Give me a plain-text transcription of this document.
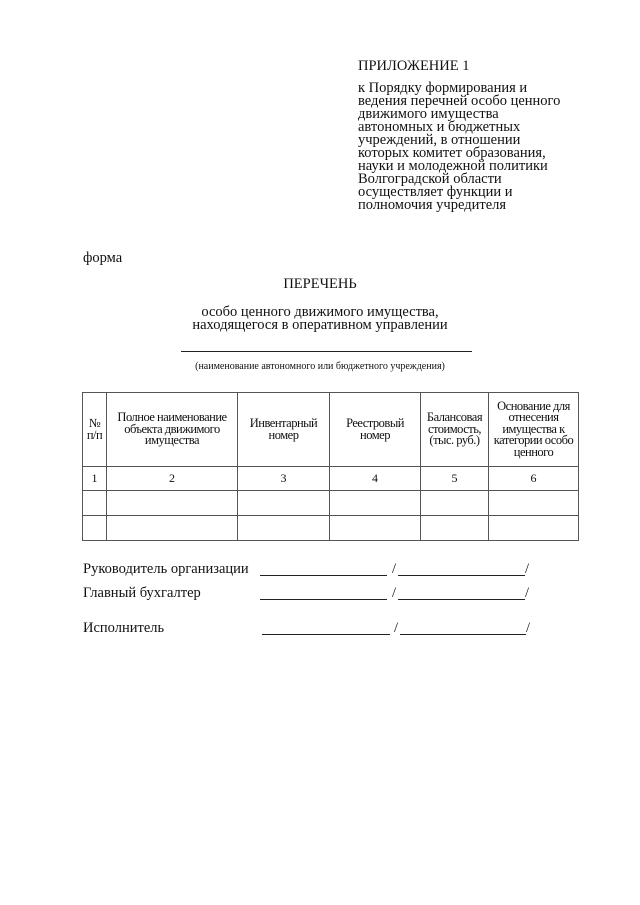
ПРИЛОЖЕНИЕ 1
к Порядку формирования и
ведения перечней особо ценного
движимого имущества
автономных и бюджетных
учреждений, в отношении
которых комитет образования,
науки и молодежной политики
Волгоградской области
осуществляет функции и
полномочия учредителя
форма
ПЕРЕЧЕНЬ
особо ценного движимого имущества,
находящегося в оперативном управлении
(наименование автономного или бюджетного учреждения)
№ п/п	Полное наименование объекта движимого имущества	Инвентарный номер	Реестровый номер	Балансовая стоимость, (тыс. руб.)	Основание для отнесения имущества к категории особо ценного
1	2	3	4	5	6

Руководитель организации	/	/
Главный бухгалтер	/	/
Исполнитель	/	/
